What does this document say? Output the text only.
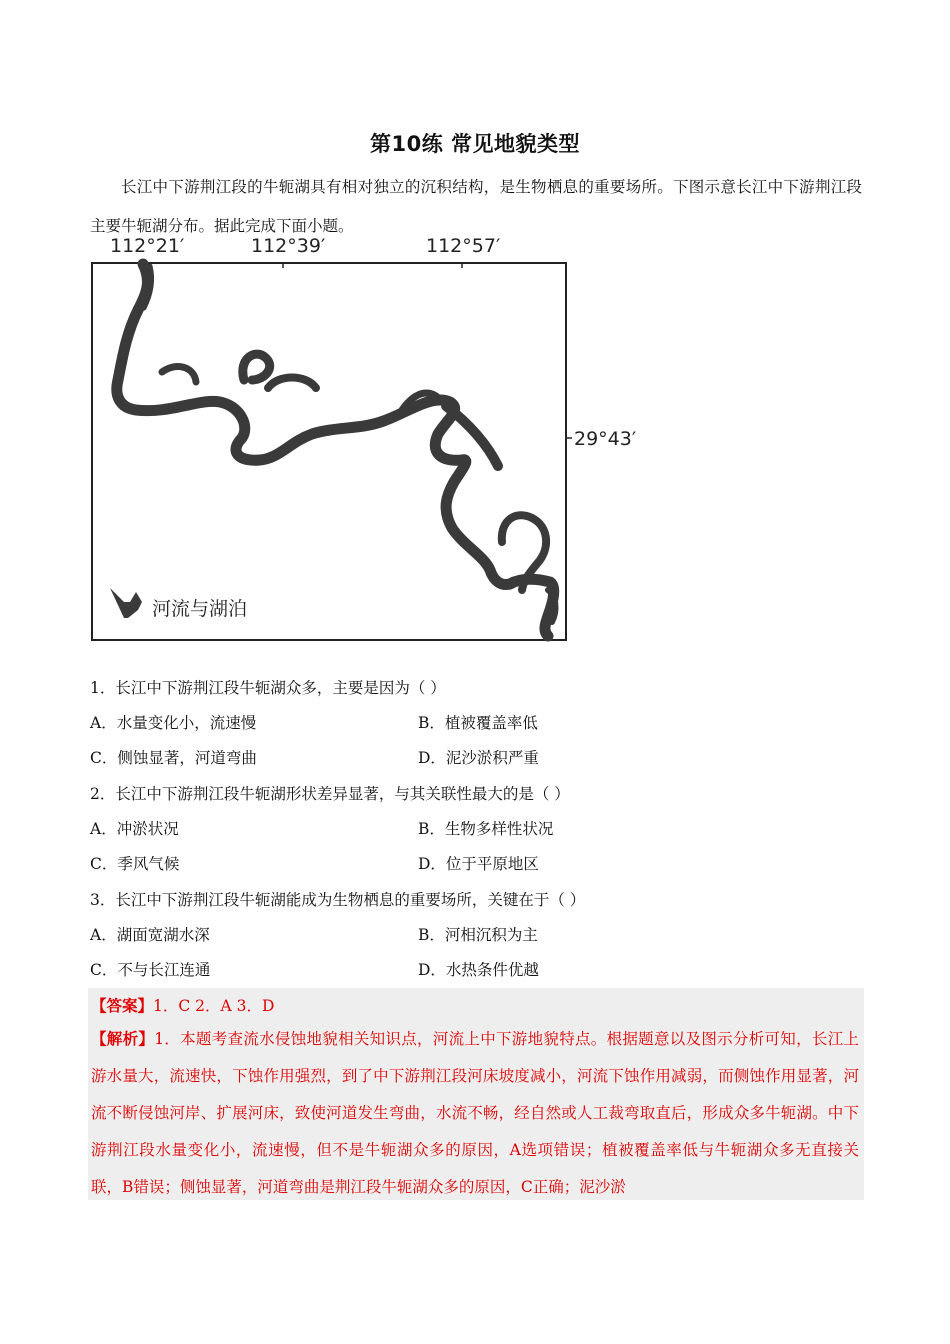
第10练 常见地貌类型
长江中下游荆江段的牛轭湖具有相对独立的沉积结构，是生物栖息的重要场所。下图示意长江中下游荆江段主要牛轭湖分布。据此完成下面小题。
112°21′	112°39′	112°57′
29°43′
河流与湖泊
1．长江中下游荆江段牛轭湖众多，主要是因为（ ）
A．水量变化小，流速慢	B．植被覆盖率低
C．侧蚀显著，河道弯曲	D．泥沙淤积严重
2．长江中下游荆江段牛轭湖形状差异显著，与其关联性最大的是（ ）
A．冲淤状况	B．生物多样性状况
C．季风气候	D．位于平原地区
3．长江中下游荆江段牛轭湖能成为生物栖息的重要场所，关键在于（ ）
A．湖面宽湖水深	B．河相沉积为主
C．不与长江连通	D．水热条件优越
【答案】1．C 2．A 3．D
【解析】1．本题考查流水侵蚀地貌相关知识点，河流上中下游地貌特点。根据题意以及图示分析可知，长江上游水量大，流速快，下蚀作用强烈，到了中下游荆江段河床坡度减小，河流下蚀作用减弱，而侧蚀作用显著，河流不断侵蚀河岸、扩展河床，致使河道发生弯曲，水流不畅，经自然或人工裁弯取直后，形成众多牛轭湖。中下游荆江段水量变化小，流速慢，但不是牛轭湖众多的原因，A选项错误；植被覆盖率低与牛轭湖众多无直接关联，B错误；侧蚀显著，河道弯曲是荆江段牛轭湖众多的原因，C正确；泥沙淤
